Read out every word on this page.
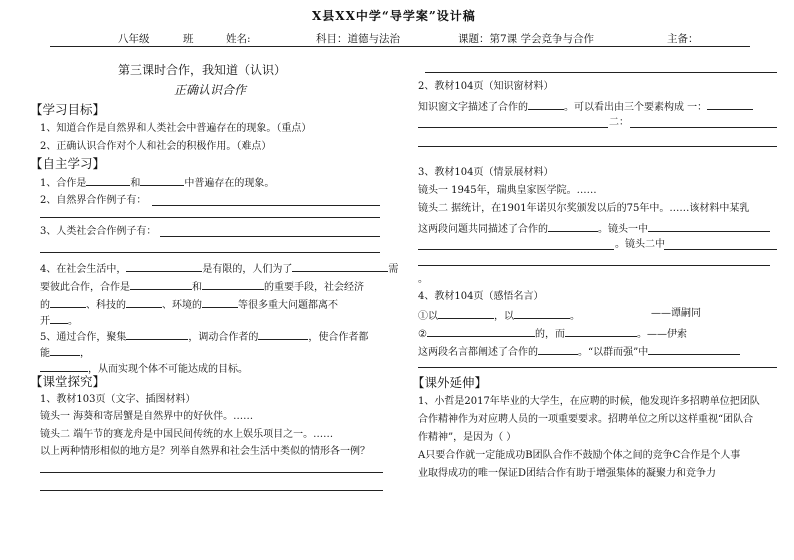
X县XX中学“导学案”设计稿
八年级	班	姓名:	科目：道德与法治	课题：第7课 学会竞争与合作	主备：
第三课时合作，我知道（认识）
正确认识合作
【学习目标】
1、知道合作是自然界和人类社会中普遍存在的现象。（重点）
2、正确认识合作对个人和社会的积极作用。（难点）
【自主学习】
1、合作是	和	中普遍存在的现象。
2、自然界合作例子有：
3、人类社会合作例子有：
4、在社会生活中，	是有限的，人们为了	需
要彼此合作，合作是	和	的重要手段，社会经济
的	、科技的	、环境的	等很多重大问题都离不
开 。
5、通过合作，聚集	，调动合作者的	，使合作者都
能	，
，从而实现个体不可能达成的目标。
【课堂探究】
1、教材103页（文字、插图材料）
镜头一 海葵和寄居蟹是自然界中的好伙伴。……
镜头二 端午节的赛龙舟是中国民间传统的水上娱乐项目之一。……
以上两种情形相似的地方是？列举自然界和社会生活中类似的情形各一例？
2、教材104页（知识窗材料）
知识窗文字描述了合作的	。可以看出由三个要素构成 一：
二：
3、教材104页（情景展材料）
镜头一 1945年，瑞典皇家医学院。……
镜头二 据统计，在1901年诺贝尔奖颁发以后的75年中。……该材料中某乳
这两段问题共同描述了合作的	。镜头一中
。镜头二中
。
4、教材104页（感悟名言）
①以	，以	。	——谭嗣同
②	的，而	。——伊索
这两段名言都阐述了合作的	。“以群而强”中
【课外延伸】
1、小哲是2017年毕业的大学生，在应聘的时候，他发现许多招聘单位把团队
合作精神作为对应聘人员的一项重要要求。招聘单位之所以这样重视“团队合
作精神”，是因为（ ）
A只要合作就一定能成功B团队合作不鼓励个体之间的竞争C合作是个人事
业取得成功的唯一保证D团结合作有助于增强集体的凝聚力和竞争力
